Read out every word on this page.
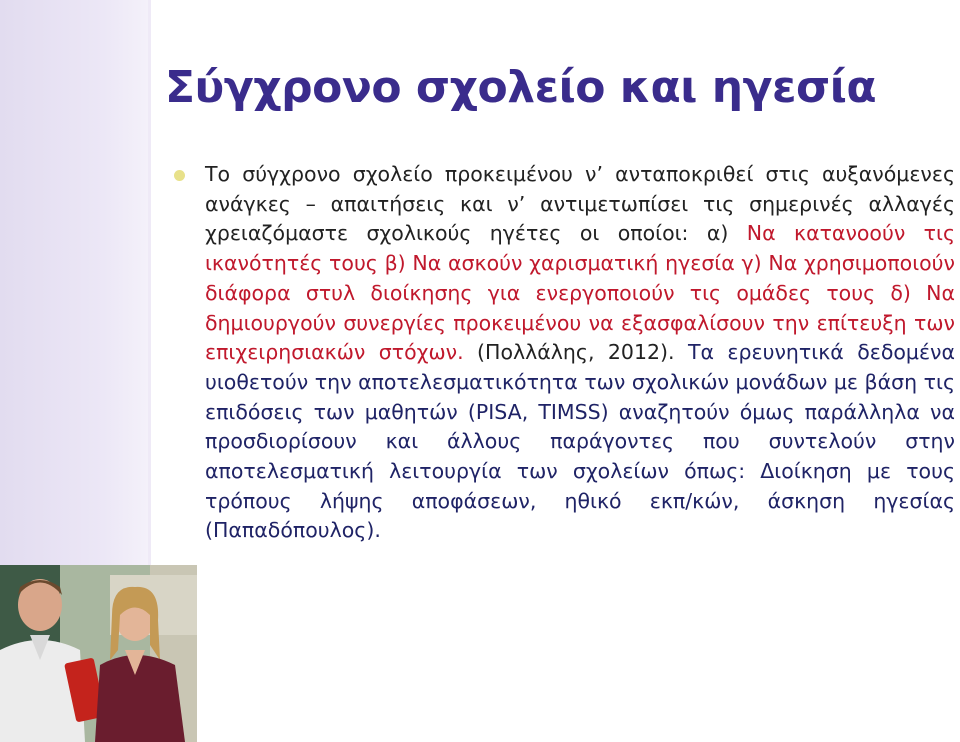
Σύγχρονο σχολείο και ηγεσία
Το σύγχρονο σχολείο προκειμένου ν’ ανταποκριθεί στις αυξανόμενες ανάγκες – απαιτήσεις και ν’ αντιμετωπίσει τις σημερινές αλλαγές χρειαζόμαστε σχολικούς ηγέτες οι οποίοι: α) Να κατανοούν τις ικανότητές τους β) Να ασκούν χαρισματική ηγεσία γ) Να χρησιμοποιούν διάφορα στυλ διοίκησης για ενεργοποιούν τις ομάδες τους δ) Να δημιουργούν συνεργίες προκειμένου να εξασφαλίσουν την επίτευξη των επιχειρησιακών στόχων. (Πολλάλης, 2012). Τα ερευνητικά δεδομένα υιοθετούν την αποτελεσματικότητα των σχολικών μονάδων με βάση τις επιδόσεις των μαθητών (PISA, TIMSS) αναζητούν όμως παράλληλα να προσδιορίσουν και άλλους παράγοντες που συντελούν στην αποτελεσματική λειτουργία των σχολείων όπως: Διοίκηση με τους τρόπους λήψης αποφάσεων, ηθικό εκπ/κών, άσκηση ηγεσίας (Παπαδόπουλος).
